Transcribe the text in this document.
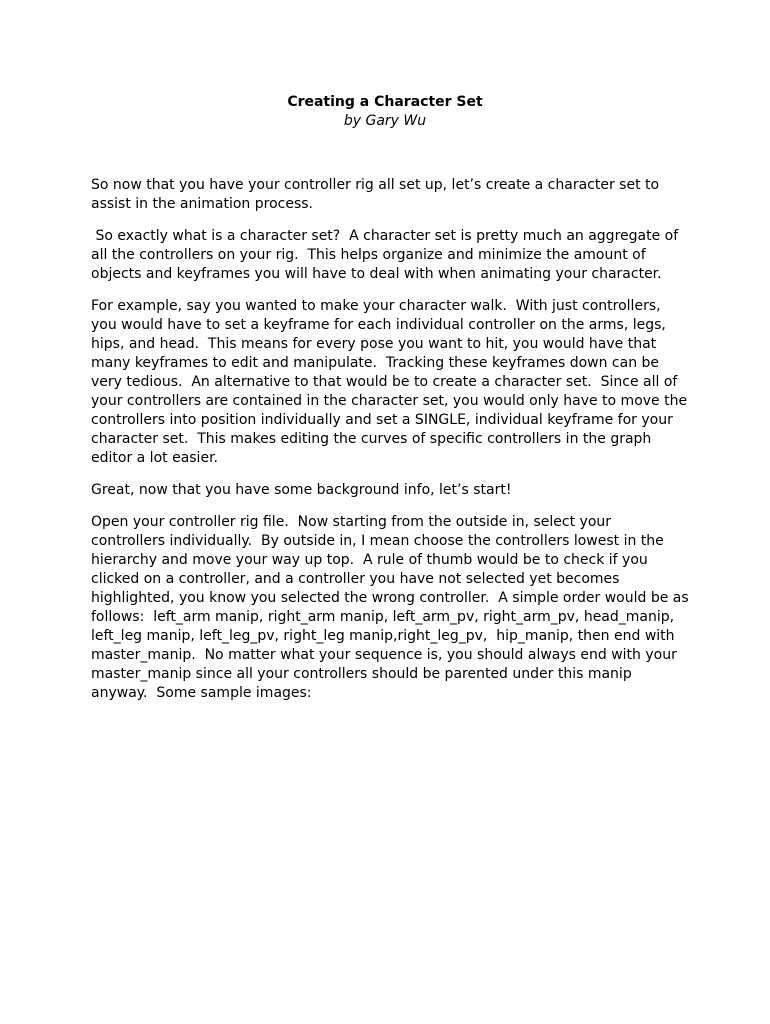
Creating a Character Set
by Gary Wu

So now that you have your controller rig all set up, let’s create a character set to assist in the animation process.

So exactly what is a character set?  A character set is pretty much an aggregate of all the controllers on your rig.  This helps organize and minimize the amount of objects and keyframes you will have to deal with when animating your character.

For example, say you wanted to make your character walk.  With just controllers, you would have to set a keyframe for each individual controller on the arms, legs, hips, and head.  This means for every pose you want to hit, you would have that many keyframes to edit and manipulate.  Tracking these keyframes down can be very tedious.  An alternative to that would be to create a character set.  Since all of your controllers are contained in the character set, you would only have to move the controllers into position individually and set a SINGLE, individual keyframe for your character set.  This makes editing the curves of specific controllers in the graph editor a lot easier.

Great, now that you have some background info, let’s start!

Open your controller rig file.  Now starting from the outside in, select your controllers individually.  By outside in, I mean choose the controllers lowest in the hierarchy and move your way up top.  A rule of thumb would be to check if you clicked on a controller, and a controller you have not selected yet becomes highlighted, you know you selected the wrong controller.  A simple order would be as follows:  left_arm manip, right_arm manip, left_arm_pv, right_arm_pv, head_manip, left_leg manip, left_leg_pv, right_leg manip,right_leg_pv,  hip_manip, then end with master_manip.  No matter what your sequence is, you should always end with your master_manip since all your controllers should be parented under this manip anyway.  Some sample images:
